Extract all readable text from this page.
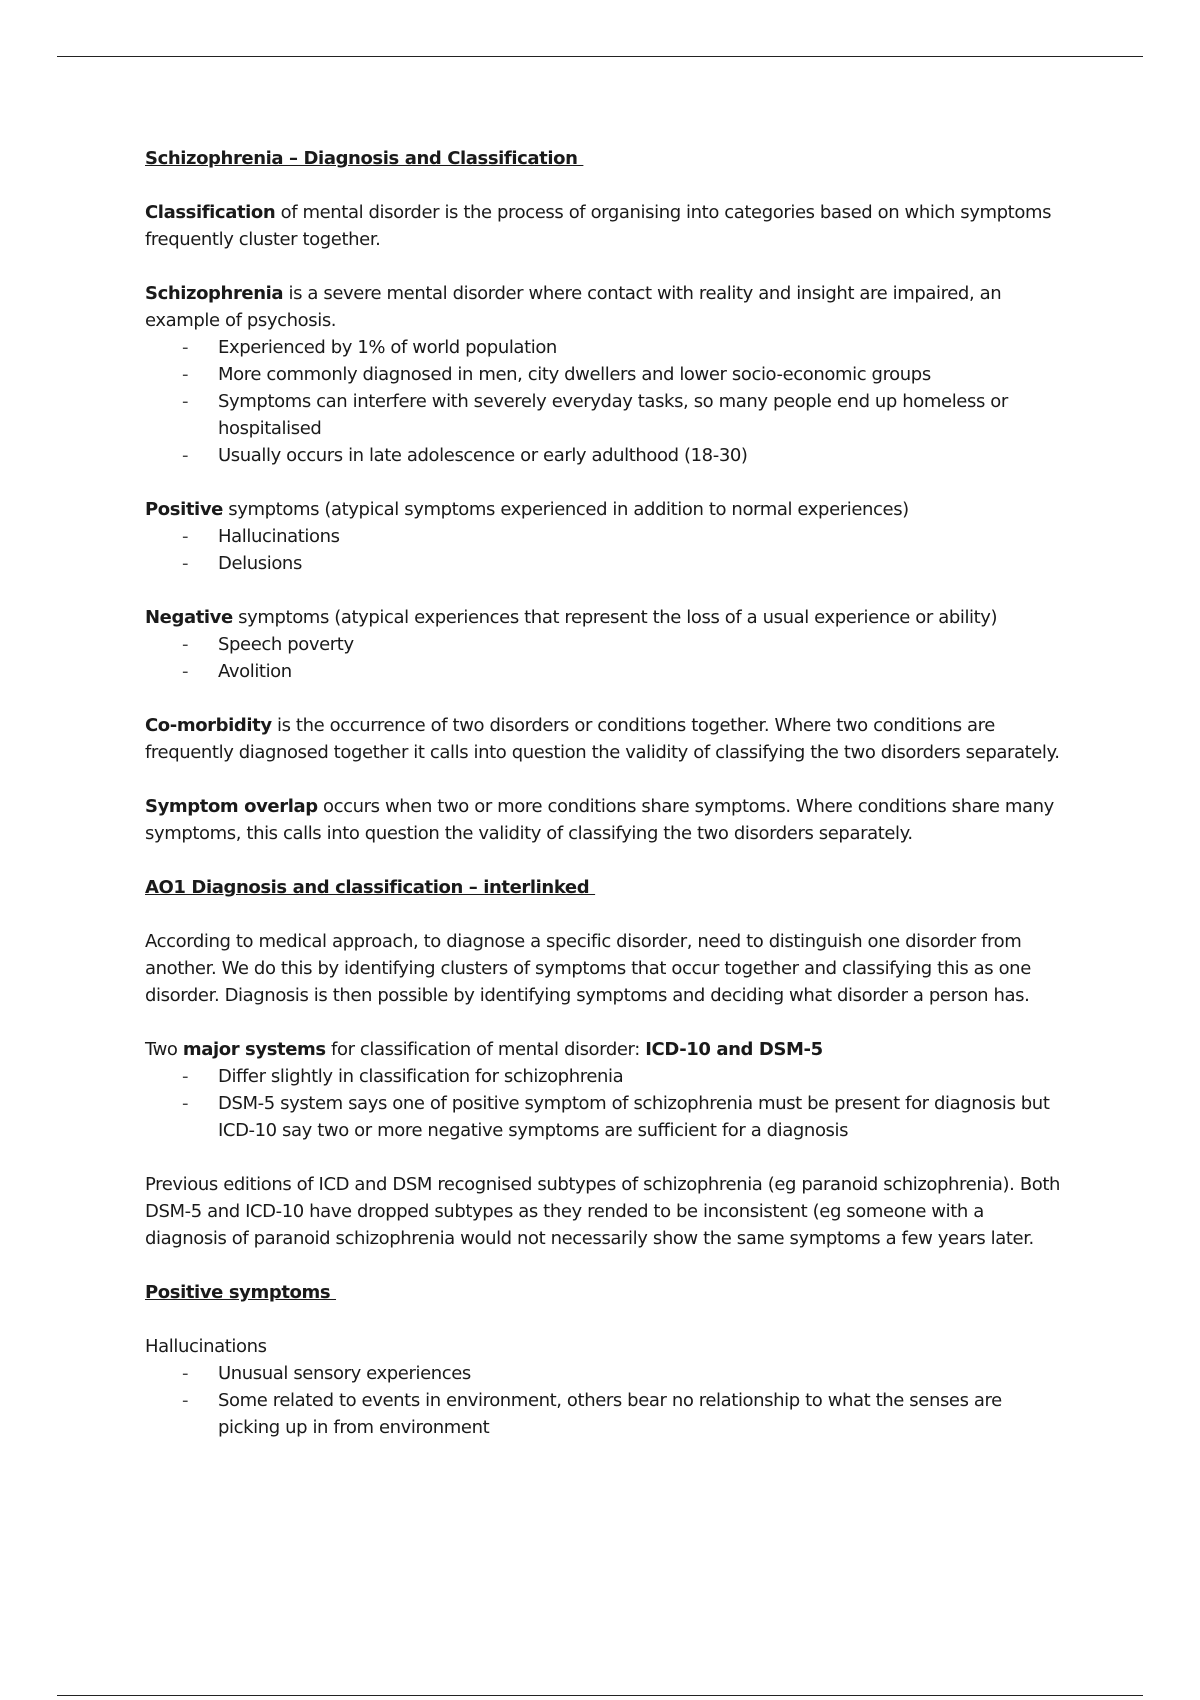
Schizophrenia – Diagnosis and Classification

Classification of mental disorder is the process of organising into categories based on which symptoms frequently cluster together.

Schizophrenia is a severe mental disorder where contact with reality and insight are impaired, an example of psychosis.

- Experienced by 1% of world population
- More commonly diagnosed in men, city dwellers and lower socio-economic groups
- Symptoms can interfere with severely everyday tasks, so many people end up homeless or hospitalised
- Usually occurs in late adolescence or early adulthood (18-30)

Positive symptoms (atypical symptoms experienced in addition to normal experiences)

- Hallucinations
- Delusions

Negative symptoms (atypical experiences that represent the loss of a usual experience or ability)

- Speech poverty
- Avolition

Co-morbidity is the occurrence of two disorders or conditions together. Where two conditions are frequently diagnosed together it calls into question the validity of classifying the two disorders separately.

Symptom overlap occurs when two or more conditions share symptoms. Where conditions share many symptoms, this calls into question the validity of classifying the two disorders separately.

AO1 Diagnosis and classification – interlinked

According to medical approach, to diagnose a specific disorder, need to distinguish one disorder from another. We do this by identifying clusters of symptoms that occur together and classifying this as one disorder. Diagnosis is then possible by identifying symptoms and deciding what disorder a person has.

Two major systems for classification of mental disorder: ICD-10 and DSM-5

- Differ slightly in classification for schizophrenia
- DSM-5 system says one of positive symptom of schizophrenia must be present for diagnosis but ICD-10 say two or more negative symptoms are sufficient for a diagnosis

Previous editions of ICD and DSM recognised subtypes of schizophrenia (eg paranoid schizophrenia). Both DSM-5 and ICD-10 have dropped subtypes as they rended to be inconsistent (eg someone with a diagnosis of paranoid schizophrenia would not necessarily show the same symptoms a few years later.

Positive symptoms

Hallucinations

- Unusual sensory experiences
- Some related to events in environment, others bear no relationship to what the senses are picking up in from environment
